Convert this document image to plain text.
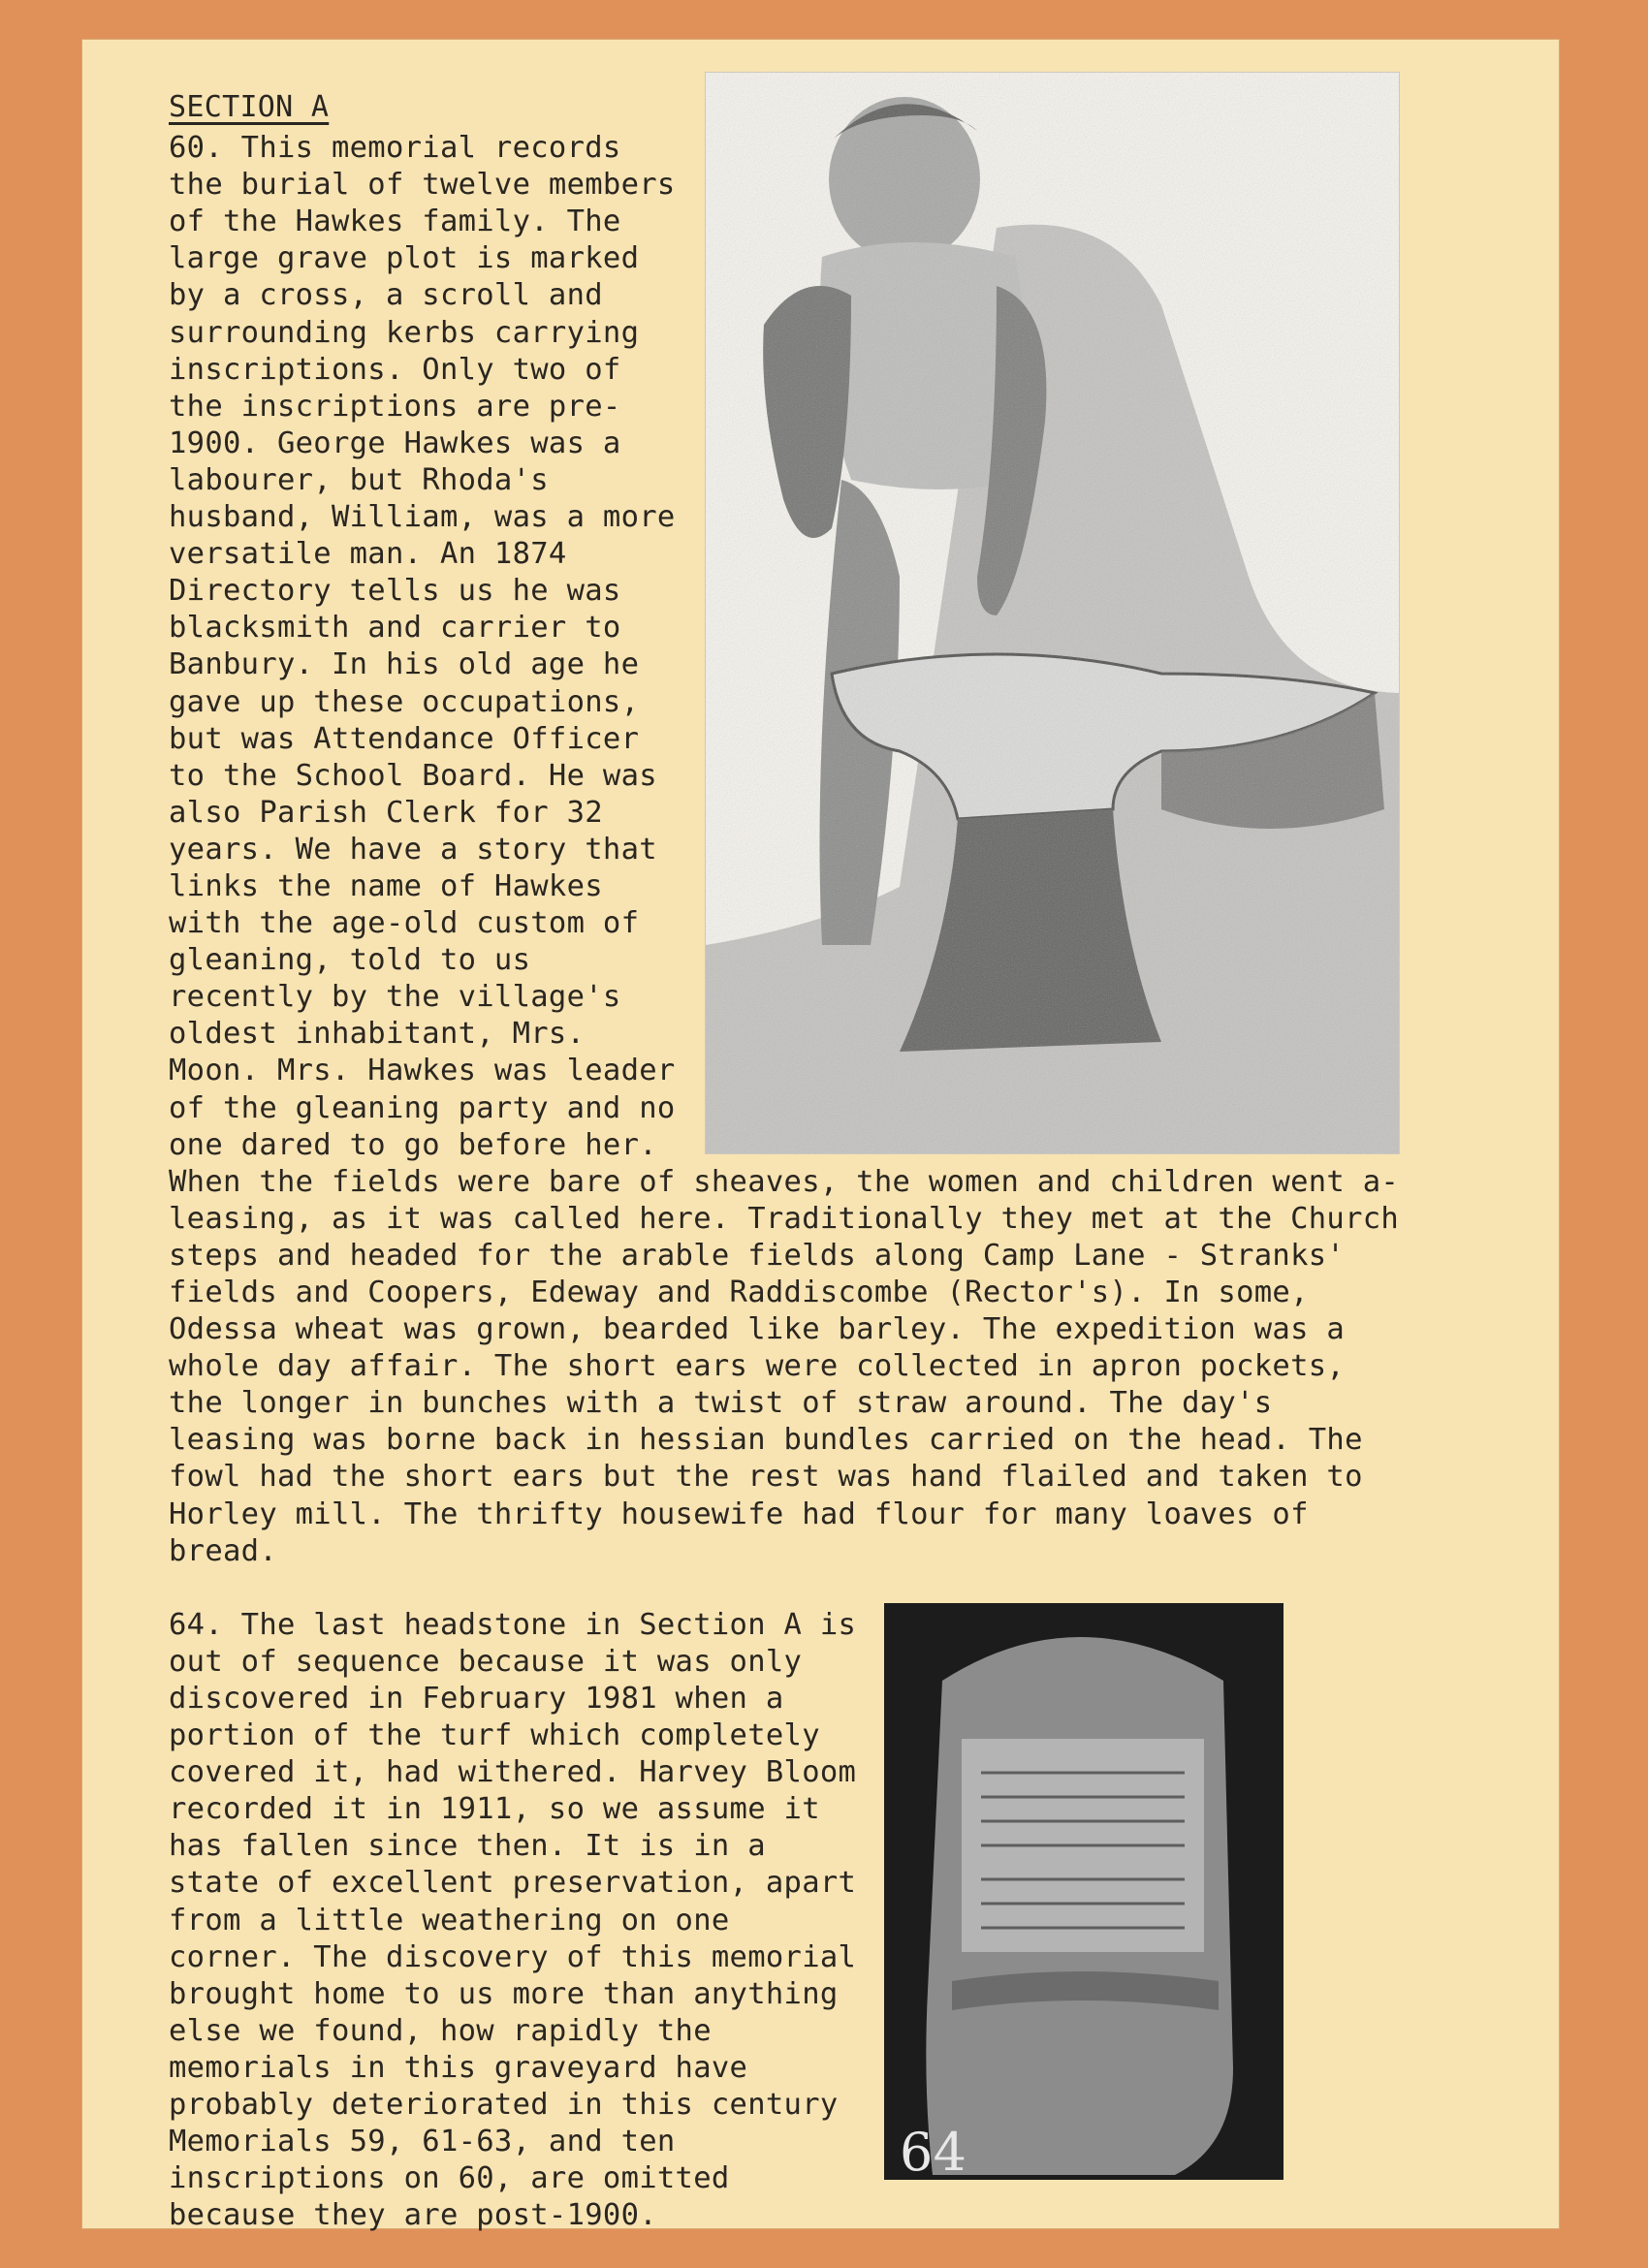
SECTION A

60. This memorial records the burial of twelve members of the Hawkes family. The large grave plot is marked by a cross, a scroll and surrounding kerbs carrying inscriptions. Only two of the inscriptions are pre-1900. George Hawkes was a labourer, but Rhoda's husband, William, was a more versatile man. An 1874 Directory tells us he was blacksmith and carrier to Banbury. In his old age he gave up these occupations, but was Attendance Officer to the School Board. He was also Parish Clerk for 32 years. We have a story that links the name of Hawkes with the age-old custom of gleaning, told to us recently by the village's oldest inhabitant, Mrs. Moon. Mrs. Hawkes was leader of the gleaning party and no one dared to go before her. When the fields were bare of sheaves, the women and children went a-leasing, as it was called here. Traditionally they met at the Church steps and headed for the arable fields along Camp Lane - Stranks' fields and Coopers, Edeway and Raddiscombe (Rector's). In some, Odessa wheat was grown, bearded like barley. The expedition was a whole day affair. The short ears were collected in apron pockets, the longer in bunches with a twist of straw around. The day's leasing was borne back in hessian bundles carried on the head. The fowl had the short ears but the rest was hand flailed and taken to Horley mill. The thrifty housewife had flour for many loaves of bread.

64

64. The last headstone in Section A is out of sequence because it was only discovered in February 1981 when a portion of the turf which completely covered it, had withered. Harvey Bloom recorded it in 1911, so we assume it has fallen since then. It is in a state of excellent preservation, apart from a little weathering on one corner. The discovery of this memorial brought home to us more than anything else we found, how rapidly the memorials in this graveyard have probably deteriorated in this century

Memorials 59, 61-63, and ten inscriptions on 60, are omitted because they are post-1900.
